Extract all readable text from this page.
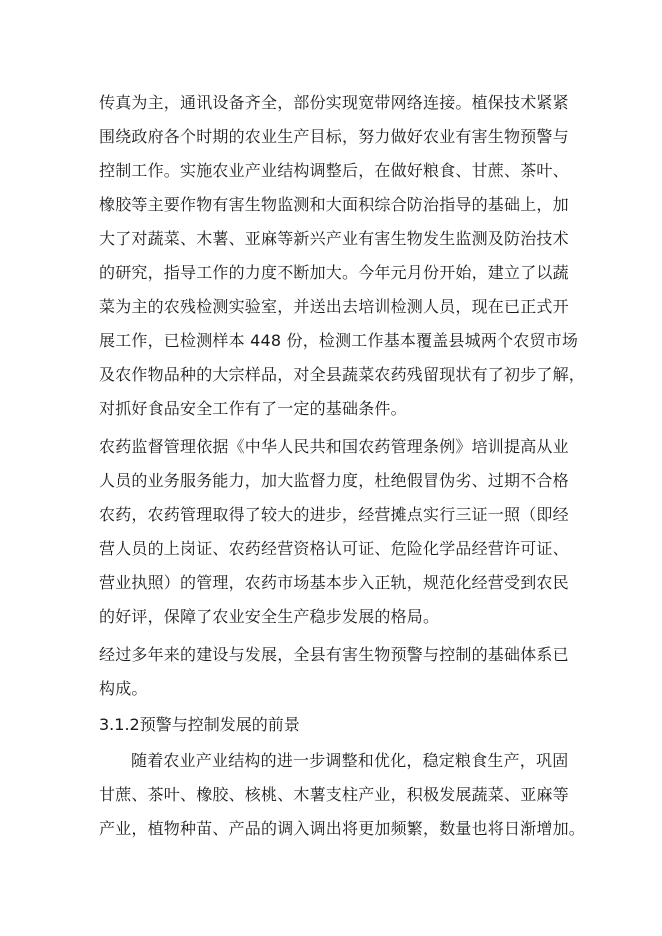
传真为主，通讯设备齐全，部份实现宽带网络连接。植保技术紧紧

围绕政府各个时期的农业生产目标，努力做好农业有害生物预警与

控制工作。实施农业产业结构调整后，在做好粮食、甘蔗、茶叶、

橡胶等主要作物有害生物监测和大面积综合防治指导的基础上，加

大了对蔬菜、木薯、亚麻等新兴产业有害生物发生监测及防治技术

的研究，指导工作的力度不断加大。今年元月份开始，建立了以蔬

菜为主的农残检测实验室，并送出去培训检测人员，现在已正式开

展工作，已检测样本 448 份，检测工作基本覆盖县城两个农贸市场

及农作物品种的大宗样品，对全县蔬菜农药残留现状有了初步了解，

对抓好食品安全工作有了一定的基础条件。

农药监督管理依据《中华人民共和国农药管理条例》培训提高从业

人员的业务服务能力，加大监督力度，杜绝假冒伪劣、过期不合格

农药，农药管理取得了较大的进步，经营摊点实行三证一照（即经

营人员的上岗证、农药经营资格认可证、危险化学品经营许可证、

营业执照）的管理，农药市场基本步入正轨，规范化经营受到农民

的好评，保障了农业安全生产稳步发展的格局。

经过多年来的建设与发展，全县有害生物预警与控制的基础体系已

构成。

3.1.2预警与控制发展的前景

随着农业产业结构的进一步调整和优化，稳定粮食生产，巩固

甘蔗、茶叶、橡胶、核桃、木薯支柱产业，积极发展蔬菜、亚麻等

产业，植物种苗、产品的调入调出将更加频繁，数量也将日渐增加。
